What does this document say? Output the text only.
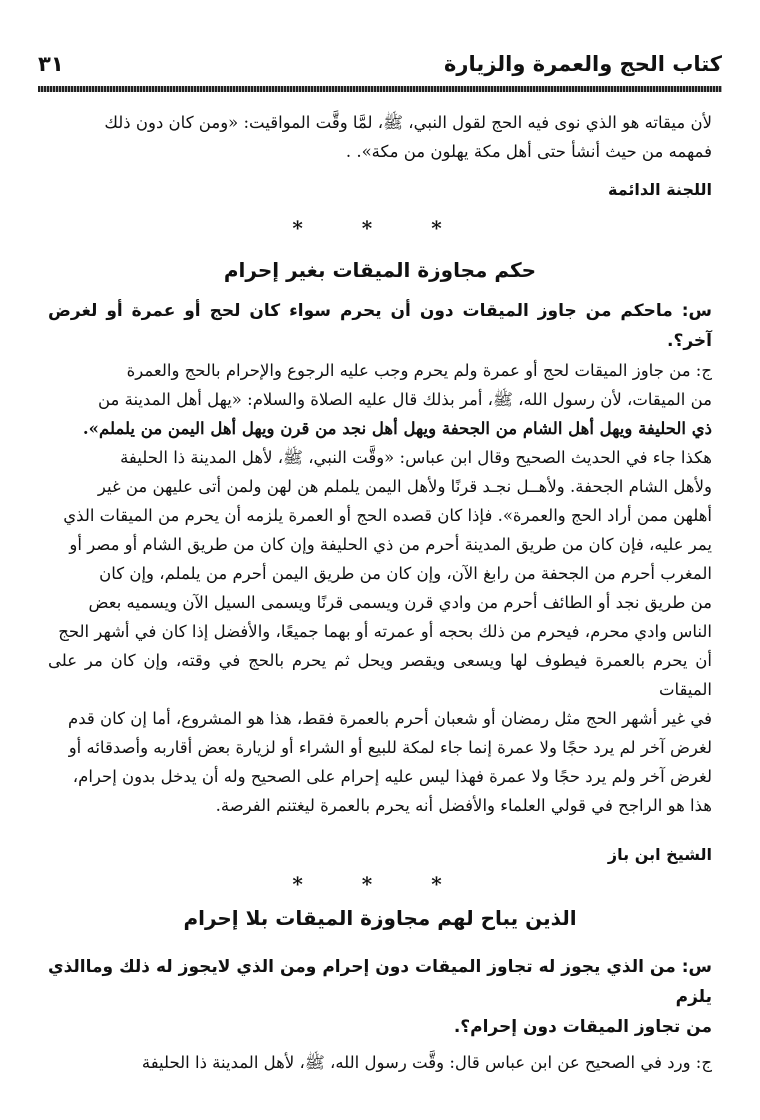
كتاب الحج والعمرة والزيارة
٣١
لأن ميقاته هو الذي نوى فيه الحج لقول النبي، ﷺ، لمَّا وقَّت المواقيت: «ومن كان دون ذلك
فمهمه من حيث أنشأ حتى أهل مكة يهلون من مكة». .
اللجنة الدائمة
* * *
حكم مجاوزة الميقات بغير إحرام
س: ماحكم من جاوز الميقات دون أن يحرم سواء كان لحج أو عمرة أو لغرض آخر؟.
ج: من جاوز الميقات لحج أو عمرة ولم يحرم وجب عليه الرجوع والإحرام بالحج والعمرة
من الميقات، لأن رسول الله، ﷺ، أمر بذلك قال عليه الصلاة والسلام: «يهل أهل المدينة من
ذي الحليفة ويهل أهل الشام من الجحفة ويهل أهل نجد من قرن ويهل أهل اليمن من يلملم».
هكذا جاء في الحديث الصحيح وقال ابن عباس: «وقَّت النبي، ﷺ، لأهل المدينة ذا الحليفة
ولأهل الشام الجحفة. ولأهــل نجـد قرنًا ولأهل اليمن يلملم هن لهن ولمن أتى عليهن من غير
أهلهن ممن أراد الحج والعمرة». فإذا كان قصده الحج أو العمرة يلزمه أن يحرم من الميقات الذي
يمر عليه، فإن كان من طريق المدينة أحرم من ذي الحليفة وإن كان من طريق الشام أو مصر أو
المغرب أحرم من الجحفة من رابغ الآن، وإن كان من طريق اليمن أحرم من يلملم، وإن كان
من طريق نجد أو الطائف أحرم من وادي قرن ويسمى قرنًا ويسمى السيل الآن ويسميه بعض
الناس وادي محرم، فيحرم من ذلك بحجه أو عمرته أو بهما جميعًا، والأفضل إذا كان في أشهر الحج
أن يحرم بالعمرة فيطوف لها ويسعى ويقصر ويحل ثم يحرم بالحج في وقته، وإن كان مر على الميقات
في غير أشهر الحج مثل رمضان أو شعبان أحرم بالعمرة فقط، هذا هو المشروع، أما إن كان قدم
لغرض آخر لم يرد حجًا ولا عمرة إنما جاء لمكة للبيع أو الشراء أو لزيارة بعض أقاربه وأصدقائه أو
لغرض آخر ولم يرد حجًا ولا عمرة فهذا ليس عليه إحرام على الصحيح وله أن يدخل بدون إحرام،
هذا هو الراجح في قولي العلماء والأفضل أنه يحرم بالعمرة ليغتنم الفرصة.
الشيخ ابن باز
* * *
الذين يباح لهم مجاوزة الميقات بلا إحرام
س: من الذي يجوز له تجاوز الميقات دون إحرام ومن الذي لايجوز له ذلك وماالذي يلزم
من تجاوز الميقات دون إحرام؟.
ج: ورد في الصحيح عن ابن عباس قال: وقَّت رسول الله، ﷺ، لأهل المدينة ذا الحليفة
